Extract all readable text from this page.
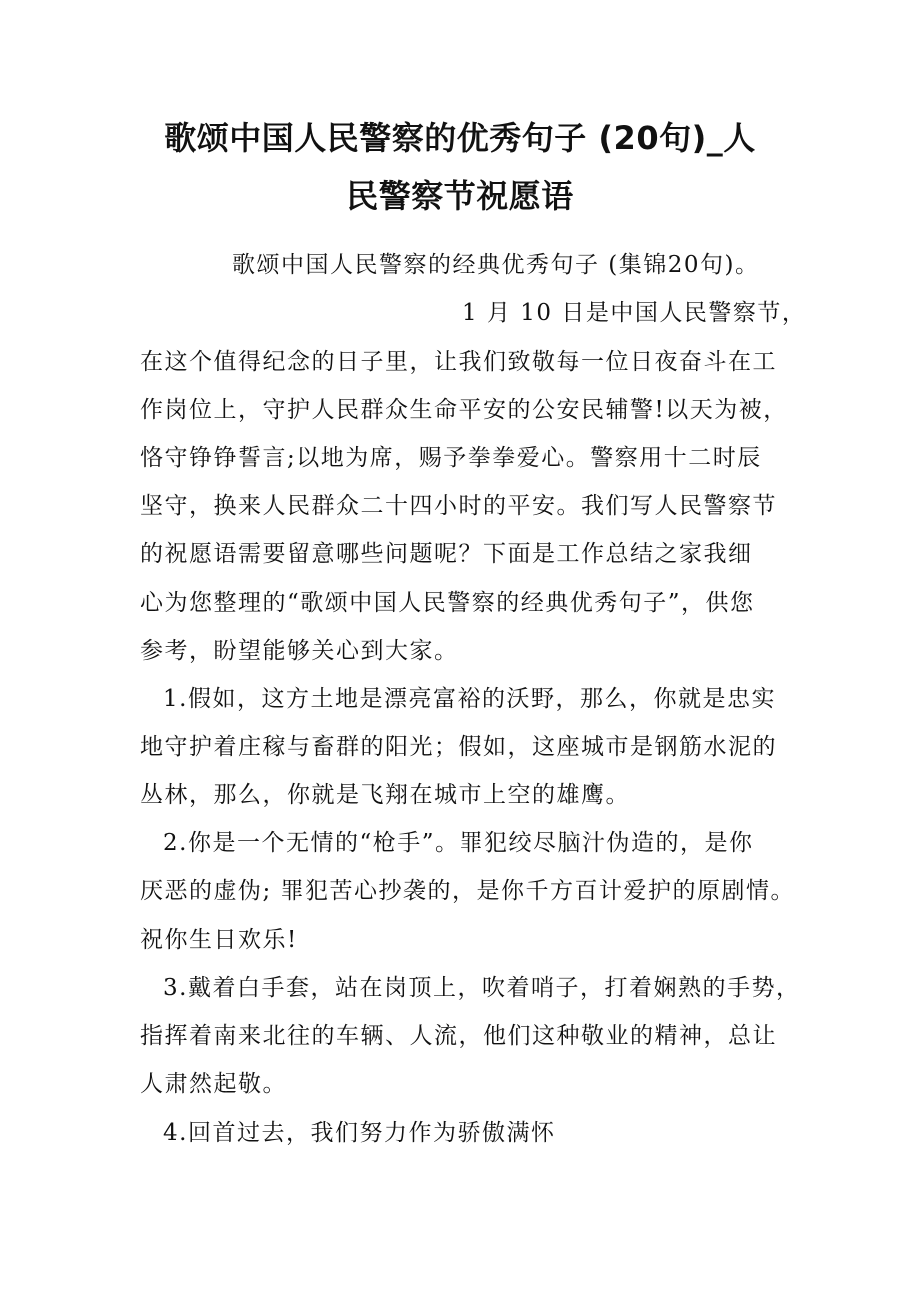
歌颂中国人民警察的优秀句子 (20句)_人
民警察节祝愿语
歌颂中国人民警察的经典优秀句子 (集锦20句)。
1 月 10 日是中国人民警察节，
在这个值得纪念的日子里，让我们致敬每一位日夜奋斗在工
作岗位上，守护人民群众生命平安的公安民辅警!以天为被，
恪守铮铮誓言;以地为席，赐予拳拳爱心。警察用十二时辰
坚守，换来人民群众二十四小时的平安。我们写人民警察节
的祝愿语需要留意哪些问题呢？下面是工作总结之家我细
心为您整理的“歌颂中国人民警察的经典优秀句子”，供您
参考，盼望能够关心到大家。
1.假如，这方土地是漂亮富裕的沃野，那么，你就是忠实
地守护着庄稼与畜群的阳光；假如，这座城市是钢筋水泥的
丛林，那么，你就是飞翔在城市上空的雄鹰。
2.你是一个无情的“枪手”。罪犯绞尽脑汁伪造的，是你
厌恶的虚伪; 罪犯苦心抄袭的，是你千方百计爱护的原剧情。
祝你生日欢乐!
3.戴着白手套，站在岗顶上，吹着哨子，打着娴熟的手势，
指挥着南来北往的车辆、人流，他们这种敬业的精神，总让
人肃然起敬。
4.回首过去，我们努力作为骄傲满怀
